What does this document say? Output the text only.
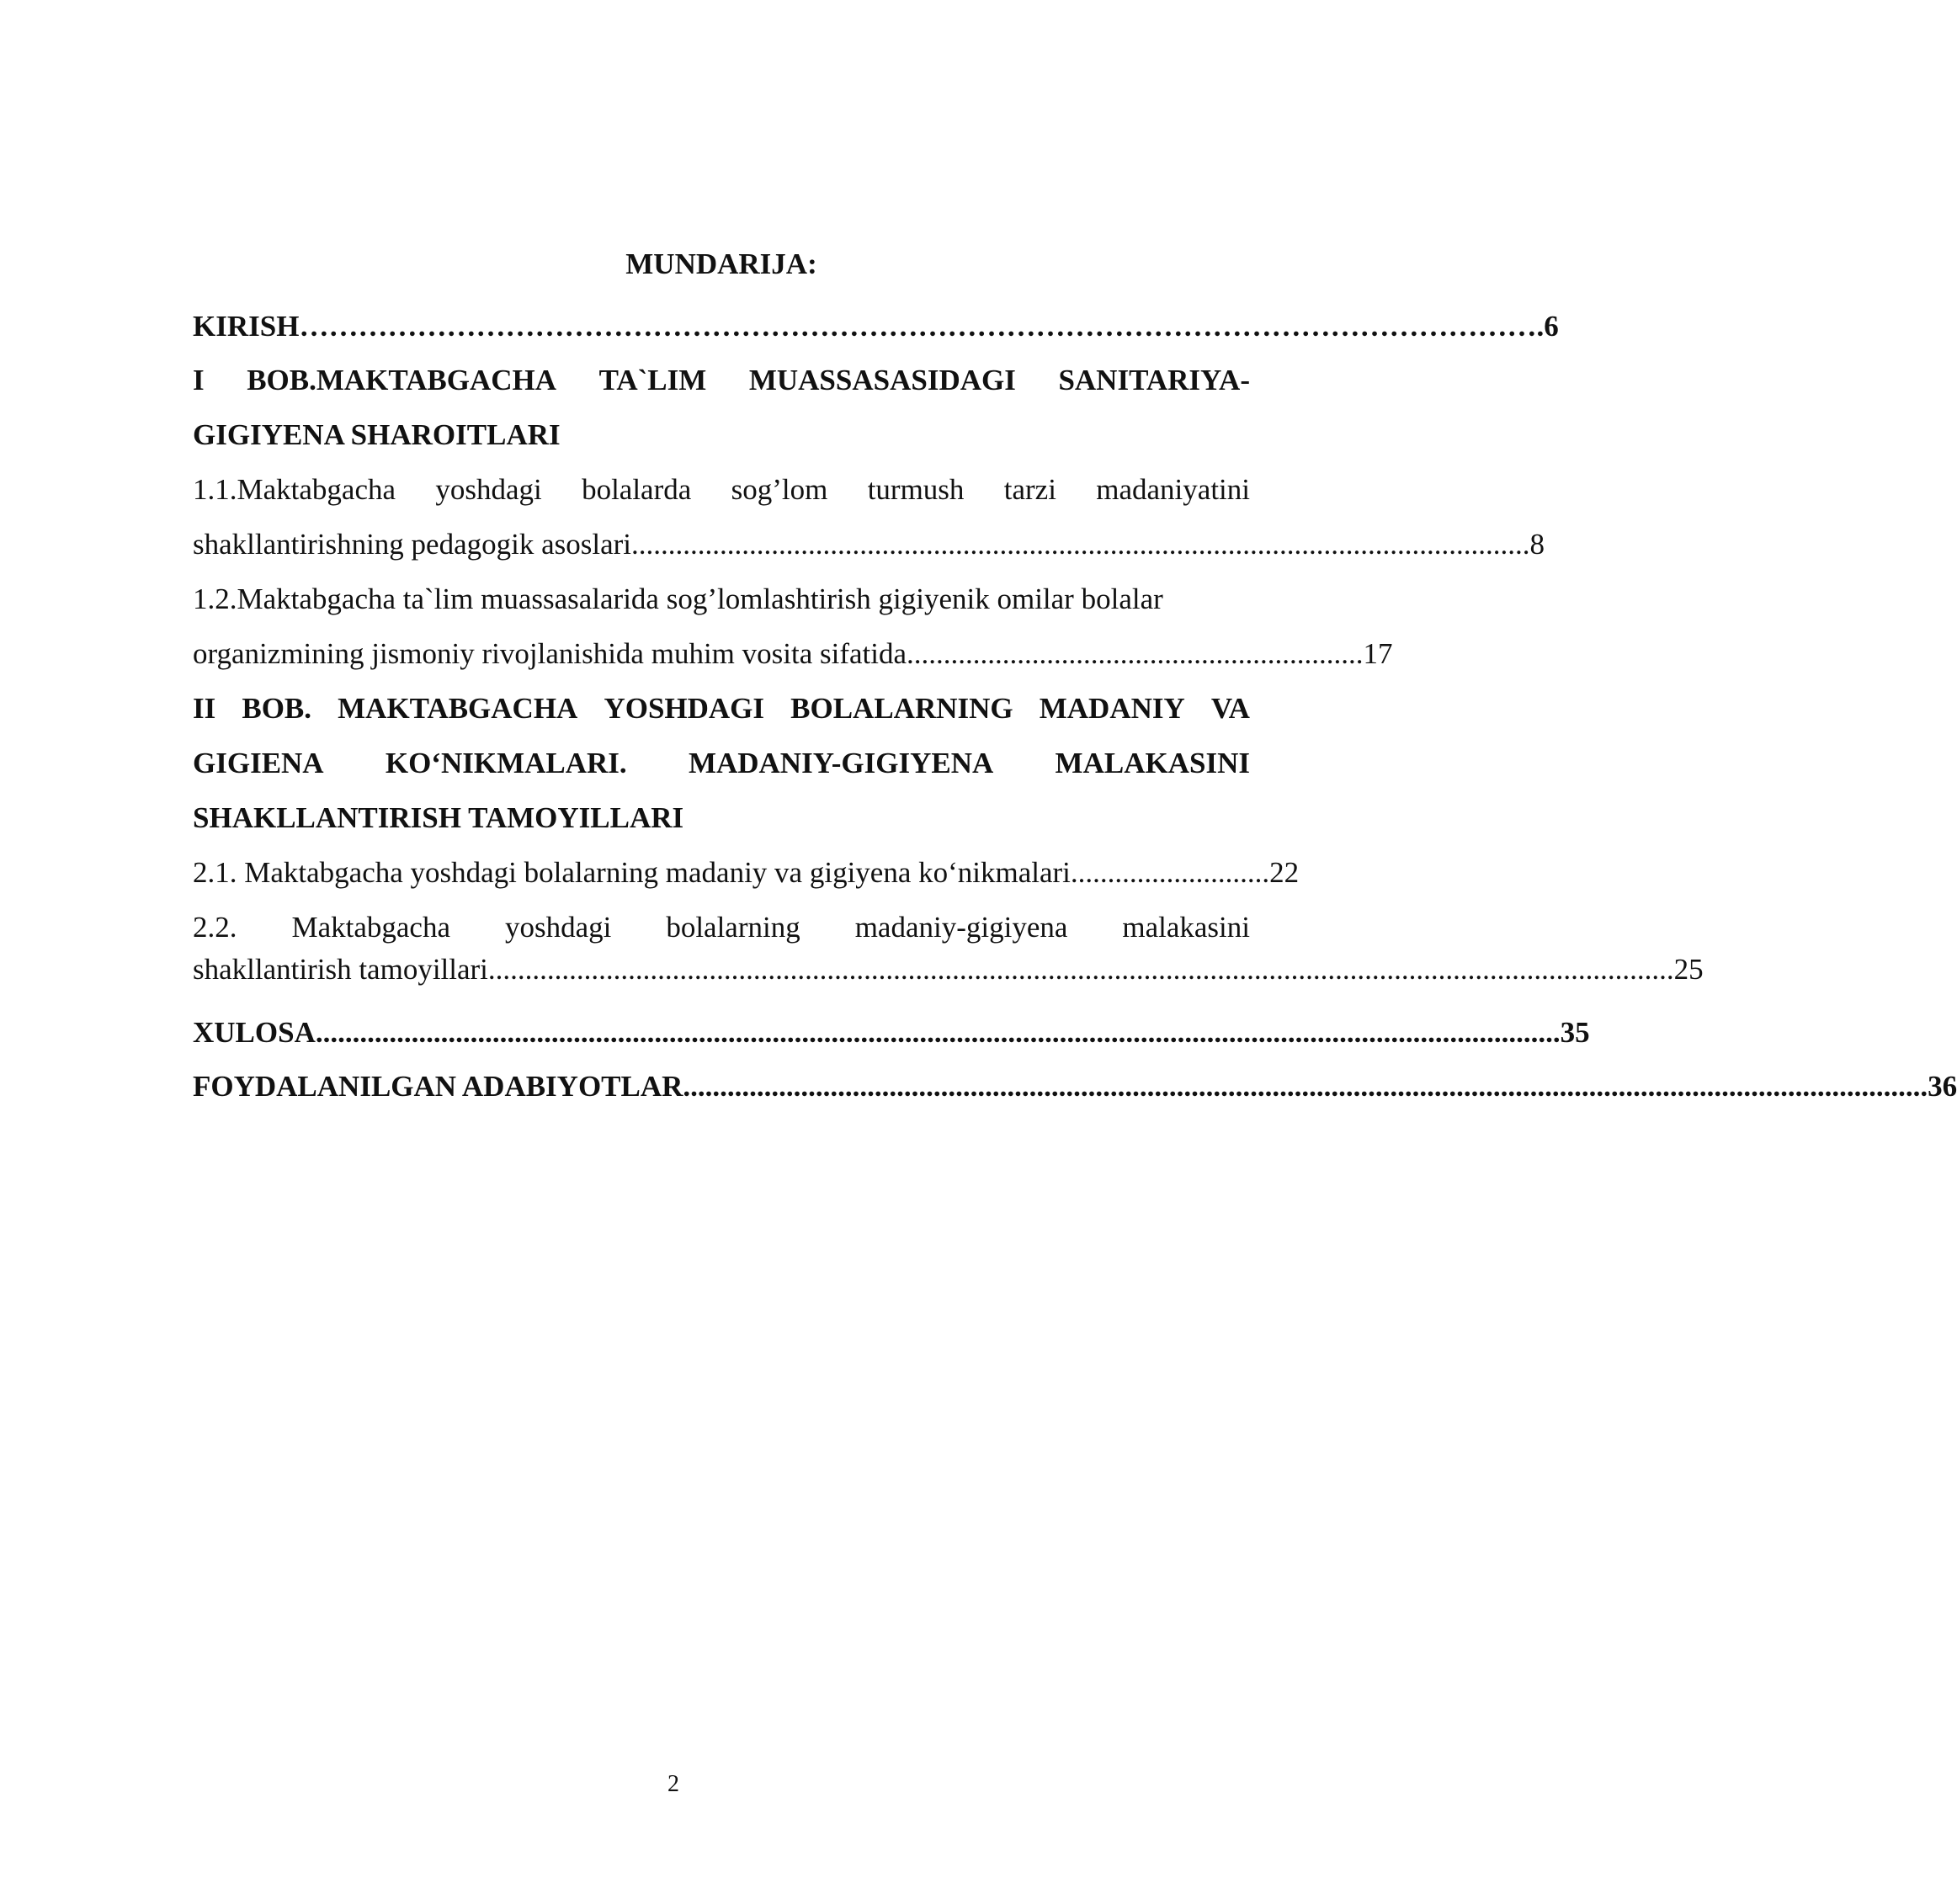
MUNDARIJA:
KIRISH ……………………………………………………………………………………………………………… .6
I BOB.MAKTABGACHA TA`LIM MUASSASASIDAGI SANITARIYA-
GIGIYENA SHAROITLARI
1.1.Maktabgacha yoshdagi bolalarda sog’lom turmush tarzi madaniyatini
shakllantirishning pedagogik asoslari .......................................................................................................................... 8
1.2.Maktabgacha ta`lim muassasalarida sog’lomlashtirish gigiyenik omilar bolalar
organizmining jismoniy rivojlanishida muhim vosita sifatida .............................................................. 17
II BOB. MAKTABGACHA YOSHDAGI BOLALARNING MADANIY VA
GIGIENA KO‘NIKMALARI. MADANIY-GIGIYENA MALAKASINI
SHAKLLANTIRISH TAMOYILLARI
2.1. Maktabgacha yoshdagi bolalarning madaniy va gigiyena ko‘nikmalari ........................... 22
2.2. Maktabgacha yoshdagi bolalarning madaniy-gigiyena malakasini
shakllantirish tamoyillari ................................................................................................................................................................. 25
XULOSA ......................................................................................................................................................................... 35
FOYDALANILGAN ADABIYOTLAR ......................................................................................................................................................................... 36
2
